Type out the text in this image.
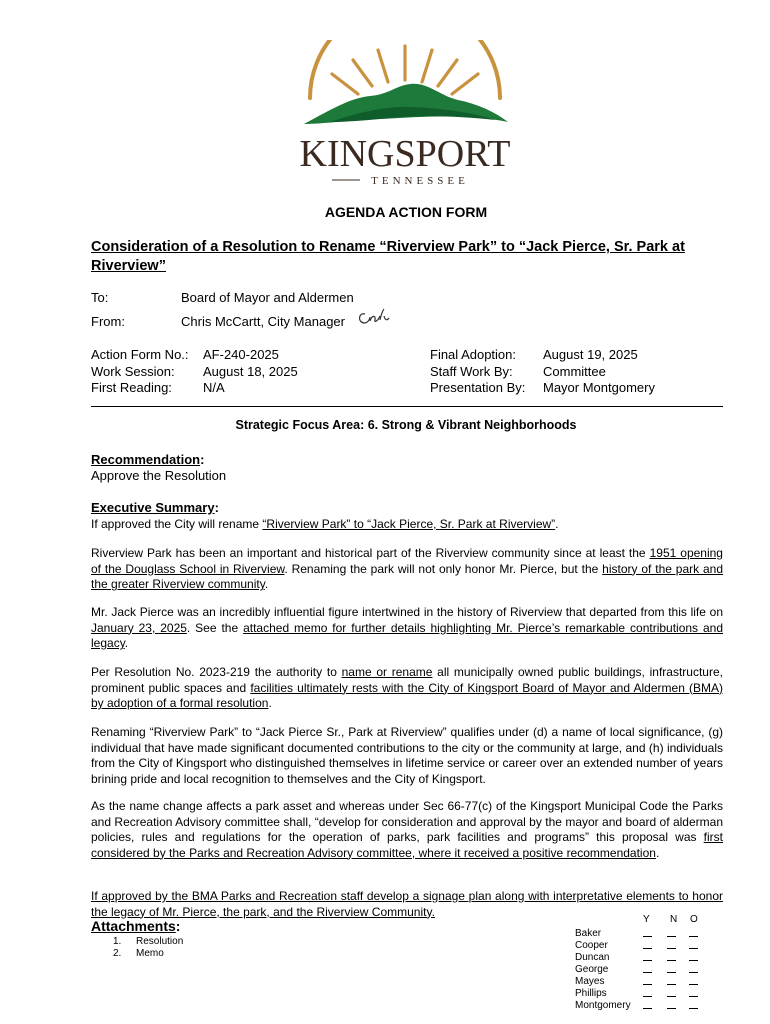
KINGSPORT
TENNESSEE
AGENDA ACTION FORM
Consideration of a Resolution to Rename “Riverview Park” to “Jack Pierce, Sr. Park at Riverview”
To:	Board of Mayor and Aldermen
From:	Chris McCartt, City Manager
Action Form No.: AF-240-2025
Work Session: August 18, 2025
First Reading: N/A
Final Adoption: August 19, 2025
Staff Work By: Committee
Presentation By: Mayor Montgomery
Strategic Focus Area: 6. Strong & Vibrant Neighborhoods
Recommendation:
Approve the Resolution
Executive Summary:
If approved the City will rename “Riverview Park” to “Jack Pierce, Sr. Park at Riverview”.
Riverview Park has been an important and historical part of the Riverview community since at least the 1951 opening of the Douglass School in Riverview. Renaming the park will not only honor Mr. Pierce, but the history of the park and the greater Riverview community.
Mr. Jack Pierce was an incredibly influential figure intertwined in the history of Riverview that departed from this life on January 23, 2025. See the attached memo for further details highlighting Mr. Pierce’s remarkable contributions and legacy.
Per Resolution No. 2023-219 the authority to name or rename all municipally owned public buildings, infrastructure, prominent public spaces and facilities ultimately rests with the City of Kingsport Board of Mayor and Aldermen (BMA) by adoption of a formal resolution.
Renaming “Riverview Park” to “Jack Pierce Sr., Park at Riverview” qualifies under (d) a name of local significance, (g) individual that have made significant documented contributions to the city or the community at large, and (h) individuals from the City of Kingsport who distinguished themselves in lifetime service or career over an extended number of years brining pride and local recognition to themselves and the City of Kingsport.
As the name change affects a park asset and whereas under Sec 66-77(c) of the Kingsport Municipal Code the Parks and Recreation Advisory committee shall, “develop for consideration and approval by the mayor and board of alderman policies, rules and regulations for the operation of parks, park facilities and programs” this proposal was first considered by the Parks and Recreation Advisory committee, where it received a positive recommendation.
If approved by the BMA Parks and Recreation staff develop a signage plan along with interpretative elements to honor the legacy of Mr. Pierce, the park, and the Riverview Community.
Attachments:
1. Resolution
2. Memo
Y N O
Baker
Cooper
Duncan
George
Mayes
Phillips
Montgomery
